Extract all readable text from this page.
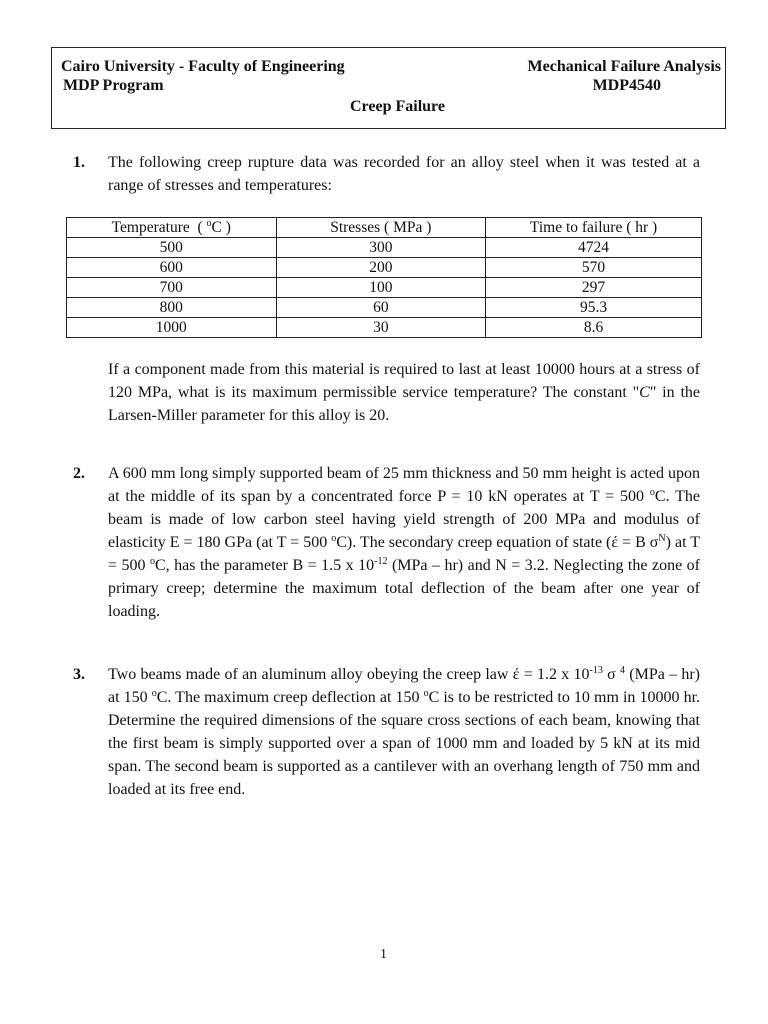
Cairo University - Faculty of Engineering
MDP Program
Mechanical Failure Analysis
MDP4540
Creep Failure
1. The following creep rupture data was recorded for an alloy steel when it was tested at a range of stresses and temperatures:

Temperature  ( $^o$C )	Stresses ( MPa )	Time to failure ( hr )
500	300	4724
600	200	570
700	100	297
800	60	95.3
1000	30	8.6

If a component made from this material is required to last at least 10000 hours at a stress of 120 MPa, what is its maximum permissible service temperature? The constant "C" in the Larsen-Miller parameter for this alloy is 20.

2. A 600 mm long simply supported beam of 25 mm thickness and 50 mm height is acted upon at the middle of its span by a concentrated force P = 10 kN operates at T = 500 $^o$C. The beam is made of low carbon steel having yield strength of 200 MPa and modulus of elasticity E = 180 GPa (at T = 500 $^o$C). The secondary creep equation of state (έ = B $\sigma^N$) at T = 500 $^o$C, has the parameter B = 1.5 x $10^{-12}$ (MPa – hr) and N = 3.2. Neglecting the zone of primary creep; determine the maximum total deflection of the beam after one year of loading.

3. Two beams made of an aluminum alloy obeying the creep law έ = 1.2 x $10^{-13}$ σ $^4$ (MPa – hr) at 150 $^o$C. The maximum creep deflection at 150 $^o$C is to be restricted to 10 mm in 10000 hr. Determine the required dimensions of the square cross sections of each beam, knowing that the first beam is simply supported over a span of 1000 mm and loaded by 5 kN at its mid span. The second beam is supported as a cantilever with an overhang length of 750 mm and loaded at its free end.

1
